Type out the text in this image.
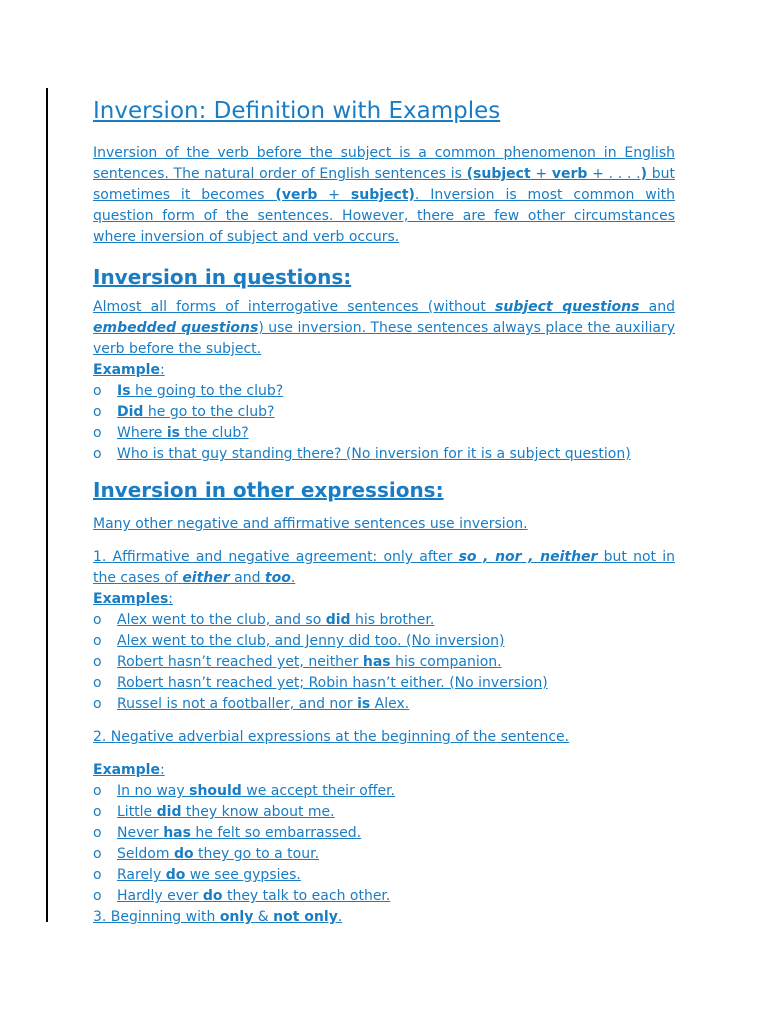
Inversion: Definition with Examples

Inversion of the verb before the subject is a common phenomenon in English sentences. The natural order of English sentences is (subject + verb + . . . .) but sometimes it becomes (verb + subject). Inversion is most common with question form of the sentences. However, there are few other circumstances where inversion of subject and verb occurs.

Inversion in questions:

Almost all forms of interrogative sentences (without subject questions and embedded questions) use inversion. These sentences always place the auxiliary verb before the subject.

Example:

o Is he going to the club?
o Did he go to the club?
o Where is the club?
o Who is that guy standing there? (No inversion for it is a subject question)
Inversion in other expressions:

Many other negative and affirmative sentences use inversion.

1. Affirmative and negative agreement: only after so , nor , neither but not in the cases of either and too.

Examples:

o Alex went to the club, and so did his brother.
o Alex went to the club, and Jenny did too. (No inversion)
o Robert hasn’t reached yet, neither has his companion.
o Robert hasn’t reached yet; Robin hasn’t either. (No inversion)
o Russel is not a footballer, and nor is Alex.

2. Negative adverbial expressions at the beginning of the sentence.

Example:

o In no way should we accept their offer.
o Little did they know about me.
o Never has he felt so embarrassed.
o Seldom do they go to a tour.
o Rarely do we see gypsies.
o Hardly ever do they talk to each other.

3. Beginning with only & not only.
